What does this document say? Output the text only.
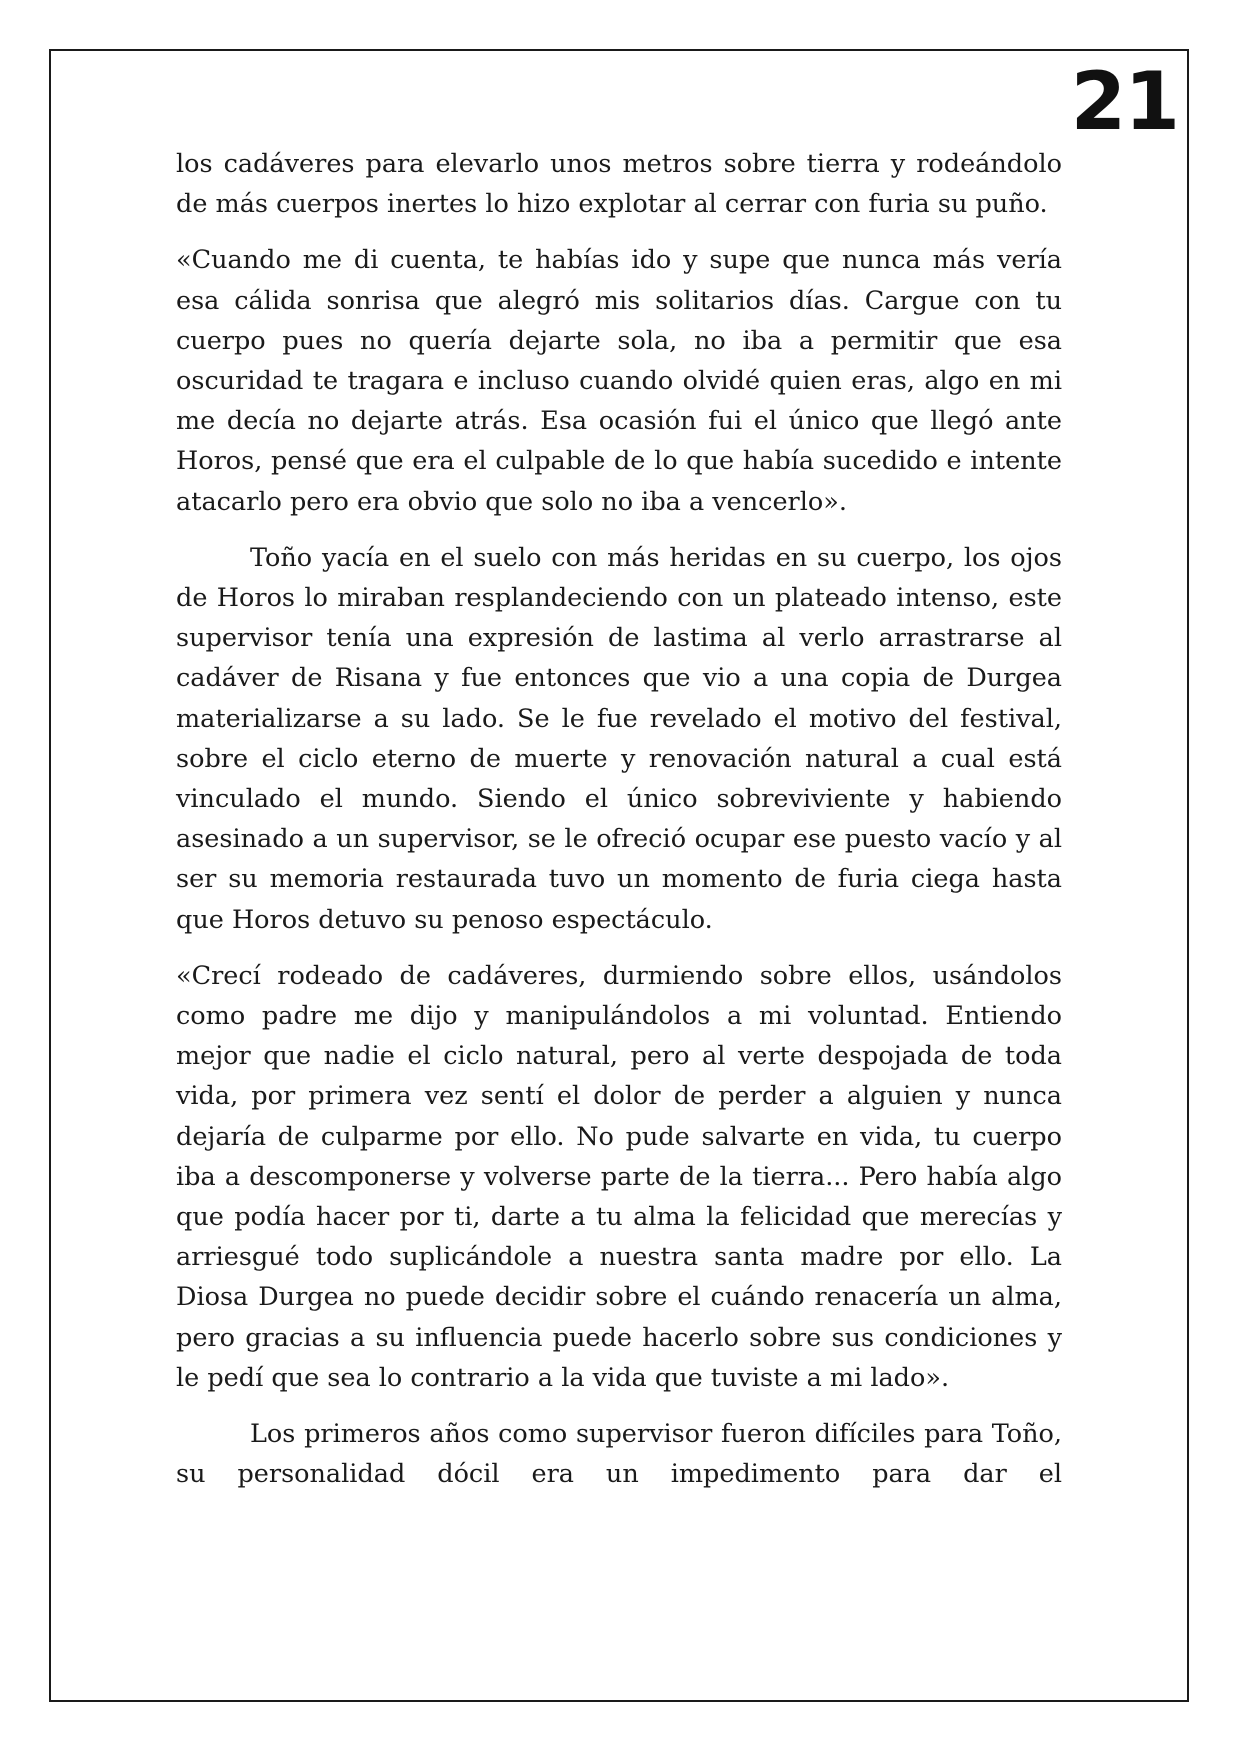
21

los cadáveres para elevarlo unos metros sobre tierra y rodeándolo de más cuerpos inertes lo hizo explotar al cerrar con furia su puño.

«Cuando me di cuenta, te habías ido y supe que nunca más vería esa cálida sonrisa que alegró mis solitarios días. Cargue con tu cuerpo pues no quería dejarte sola, no iba a permitir que esa oscuridad te tragara e incluso cuando olvidé quien eras, algo en mi me decía no dejarte atrás. Esa ocasión fui el único que llegó ante Horos, pensé que era el culpable de lo que había sucedido e intente atacarlo pero era obvio que solo no iba a vencerlo».

Toño yacía en el suelo con más heridas en su cuerpo, los ojos de Horos lo miraban resplandeciendo con un plateado intenso, este supervisor tenía una expresión de lastima al verlo arrastrarse al cadáver de Risana y fue entonces que vio a una copia de Durgea materializarse a su lado. Se le fue revelado el motivo del festival, sobre el ciclo eterno de muerte y renovación natural a cual está vinculado el mundo. Siendo el único sobreviviente y habiendo asesinado a un supervisor, se le ofreció ocupar ese puesto vacío y al ser su memoria restaurada tuvo un momento de furia ciega hasta que Horos detuvo su penoso espectáculo.

«Crecí rodeado de cadáveres, durmiendo sobre ellos, usándolos como padre me dijo y manipulándolos a mi voluntad. Entiendo mejor que nadie el ciclo natural, pero al verte despojada de toda vida, por primera vez sentí el dolor de perder a alguien y nunca dejaría de culparme por ello. No pude salvarte en vida, tu cuerpo iba a descomponerse y volverse parte de la tierra... Pero había algo que podía hacer por ti, darte a tu alma la felicidad que merecías y arriesgué todo suplicándole a nuestra santa madre por ello. La Diosa Durgea no puede decidir sobre el cuándo renacería un alma, pero gracias a su influencia puede hacerlo sobre sus condiciones y le pedí que sea lo contrario a la vida que tuviste a mi lado».

Los primeros años como supervisor fueron difíciles para Toño, su personalidad dócil era un impedimento para dar el
